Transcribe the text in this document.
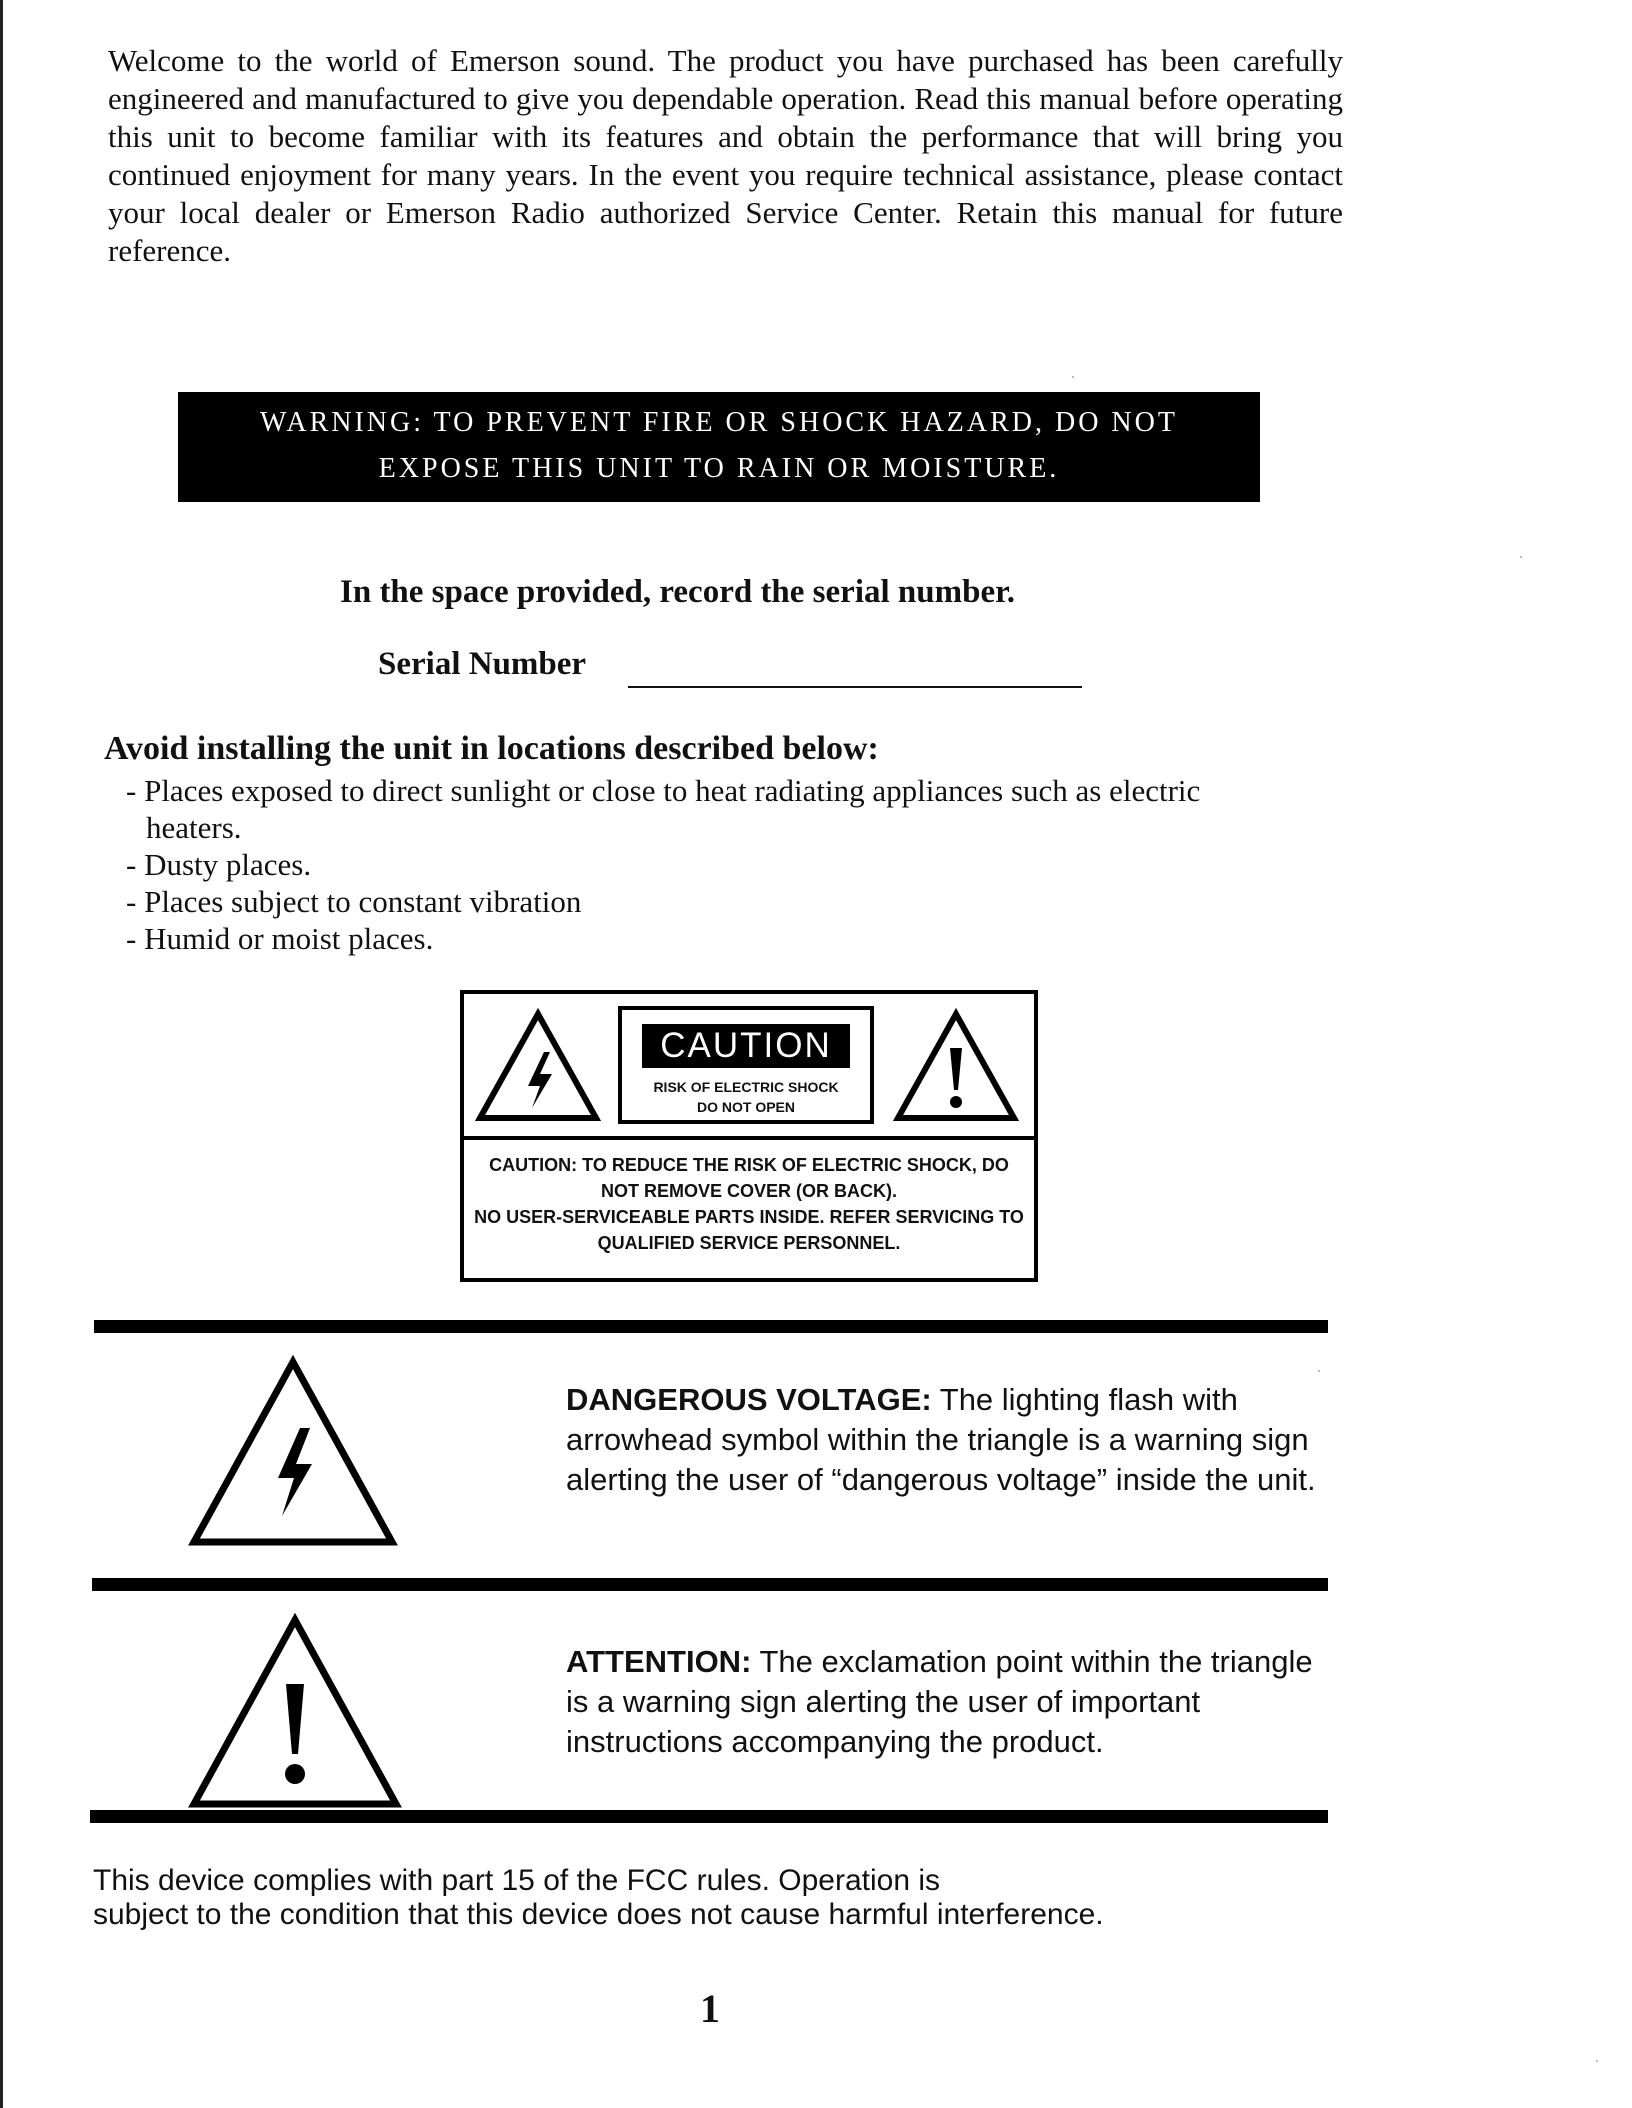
Welcome to the world of Emerson sound. The product you have purchased has been carefully engineered and manufactured to give you dependable operation. Read this manual before operating this unit to become familiar with its features and obtain the performance that will bring you continued enjoyment for many years. In the event you require technical assistance, please contact your local dealer or Emerson Radio authorized Service Center. Retain this manual for future reference.

WARNING: TO PREVENT FIRE OR SHOCK HAZARD, DO NOT
EXPOSE THIS UNIT TO RAIN OR MOISTURE.

In the space provided, record the serial number.

Serial Number

Avoid installing the unit in locations described below:

- Places exposed to direct sunlight or close to heat radiating appliances such as electric heaters.
- Dusty places.
- Places subject to constant vibration
- Humid or moist places.
CAUTION
RISK OF ELECTRIC SHOCK
DO NOT OPEN
CAUTION: TO REDUCE THE RISK OF ELECTRIC SHOCK, DO
NOT REMOVE COVER (OR BACK).
NO USER-SERVICEABLE PARTS INSIDE. REFER SERVICING TO
QUALIFIED SERVICE PERSONNEL.

DANGEROUS VOLTAGE: The lighting flash with arrowhead symbol within the triangle is a warning sign alerting the user of “dangerous voltage” inside the unit.

ATTENTION: The exclamation point within the triangle is a warning sign alerting the user of important instructions accompanying the product.

This device complies with part 15 of the FCC rules. Operation is
subject to the condition that this device does not cause harmful interference.
1
